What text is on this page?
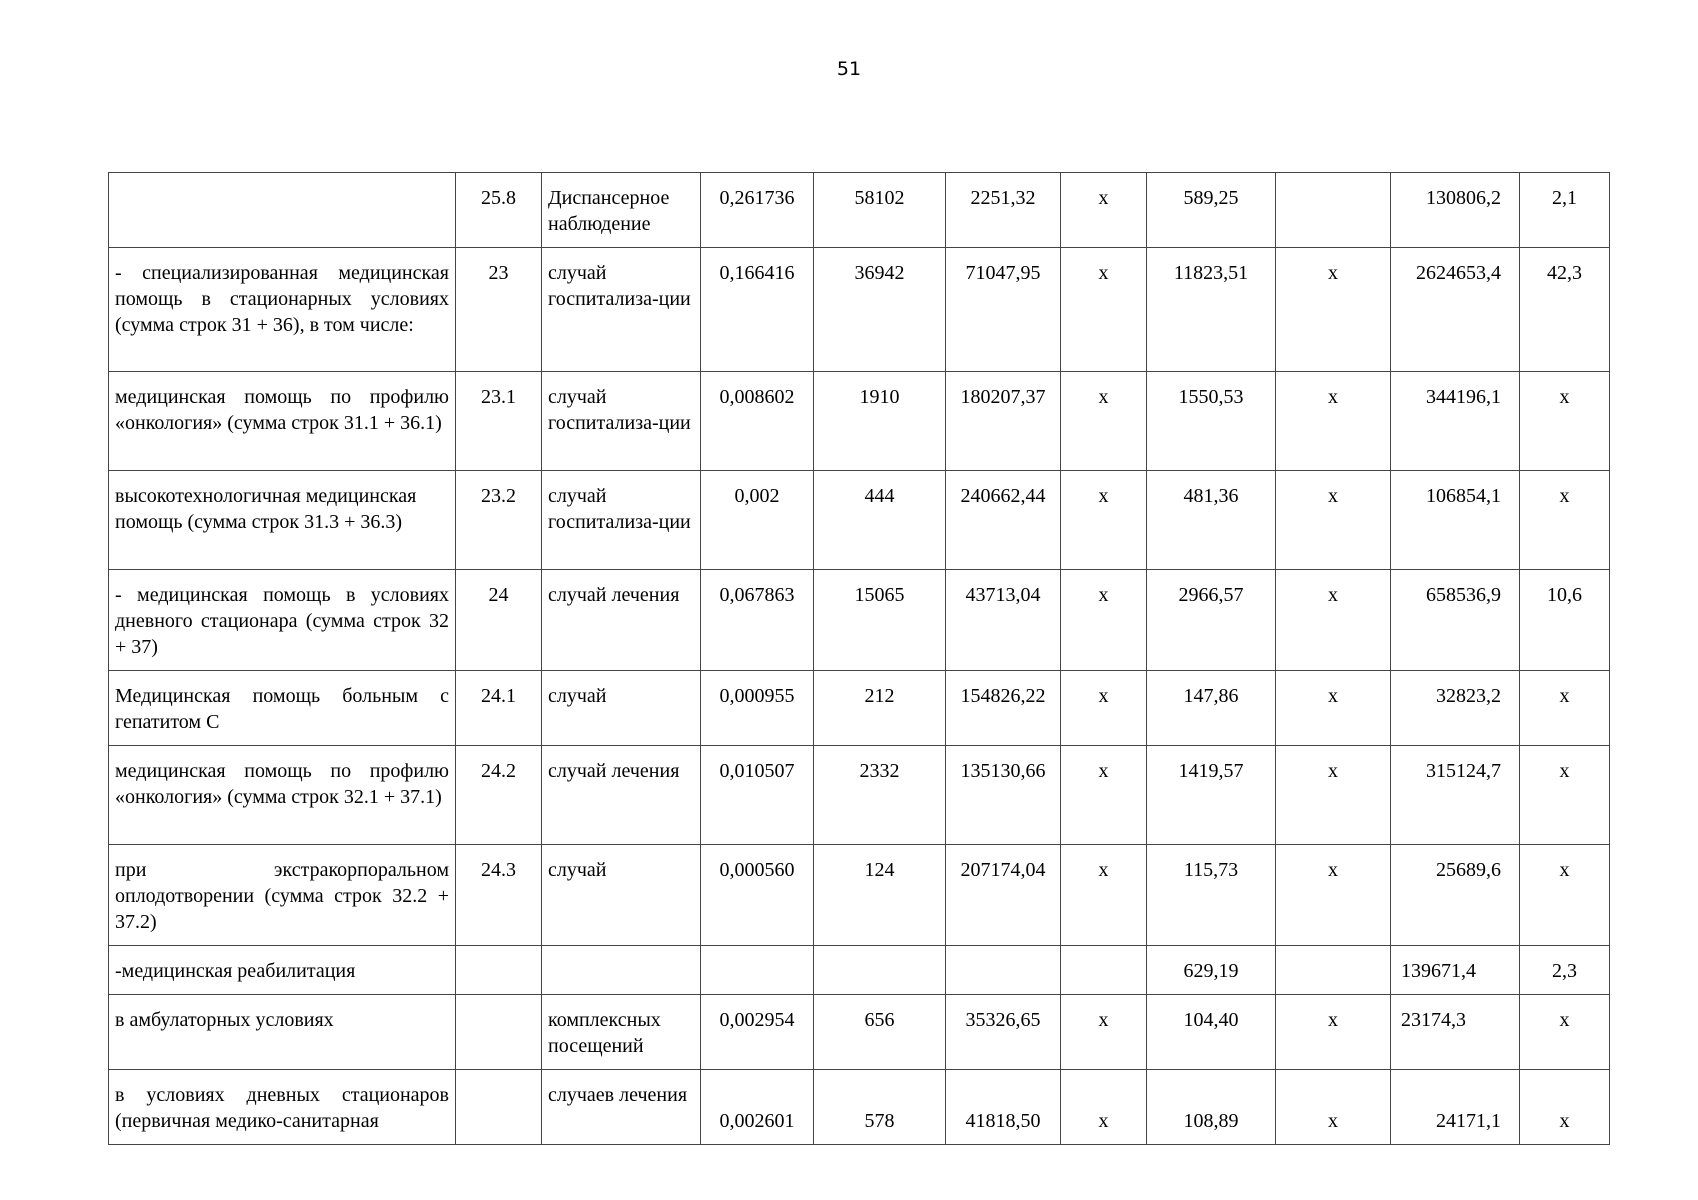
51
	25.8	Диспансерное наблюдение	0,261736	58102	2251,32	х	589,25		130806,2	2,1
- специализированная медицинская помощь в стационарных условиях (сумма строк 31 + 36), в том числе:	23	случай госпитализа-ции	0,166416	36942	71047,95	х	11823,51	х	2624653,4	42,3
медицинская помощь по профилю «онкология» (сумма строк 31.1 + 36.1)	23.1	случай госпитализа-ции	0,008602	1910	180207,37	х	1550,53	х	344196,1	х
высокотехнологичная медицинская помощь (сумма строк 31.3 + 36.3)	23.2	случай госпитализа-ции	0,002	444	240662,44	х	481,36	х	106854,1	х
- медицинская помощь в условиях дневного стационара (сумма строк 32 + 37)	24	случай лечения	0,067863	15065	43713,04	х	2966,57	х	658536,9	10,6
Медицинская помощь больным с гепатитом С	24.1	случай	0,000955	212	154826,22	х	147,86	х	32823,2	х
медицинская помощь по профилю «онкология» (сумма строк 32.1 + 37.1)	24.2	случай лечения	0,010507	2332	135130,66	х	1419,57	х	315124,7	х
при экстракорпоральном оплодотворении (сумма строк 32.2 + 37.2)	24.3	случай	0,000560	124	207174,04	х	115,73	х	25689,6	х
-медицинская реабилитация							629,19		139671,4	2,3
в амбулаторных условиях		комплексных посещений	0,002954	656	35326,65	х	104,40	х	23174,3	х
в условиях дневных стационаров (первичная медико-санитарная		случаев лечения	0,002601	578	41818,50	х	108,89	х	24171,1	х
